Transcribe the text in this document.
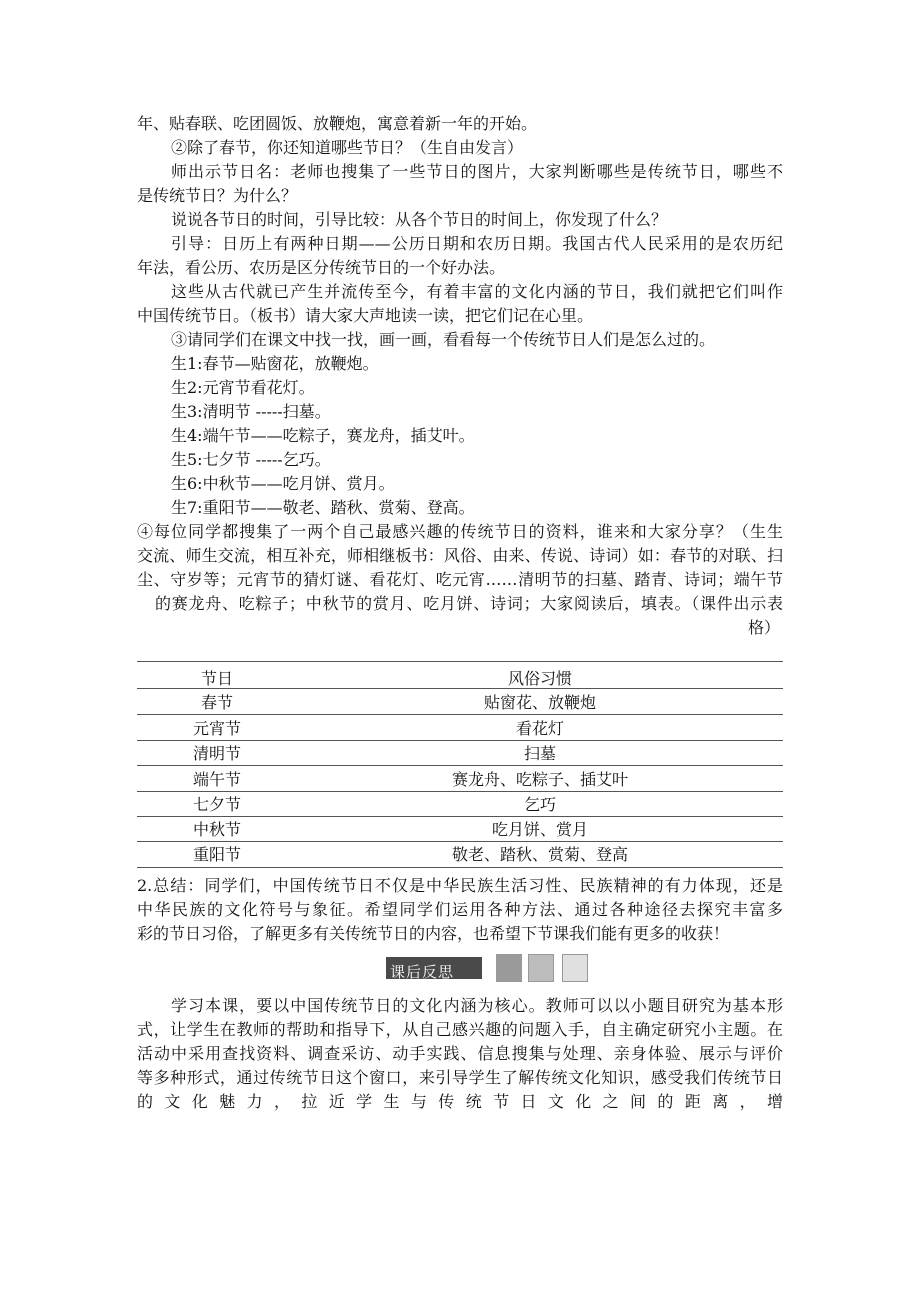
年、贴春联、吃团圆饭、放鞭炮，寓意着新一年的开始。
②除了春节，你还知道哪些节日？（生自由发言）
师出示节日名：老师也搜集了一些节日的图片，大家判断哪些是传统节日，哪些不
是传统节日？为什么？
说说各节日的时间，引导比较：从各个节日的时间上，你发现了什么？
引导：日历上有两种日期——公历日期和农历日期。我国古代人民采用的是农历纪
年法，看公历、农历是区分传统节日的一个好办法。
这些从古代就已产生并流传至今，有着丰富的文化内涵的节日，我们就把它们叫作
中国传统节日。（板书）请大家大声地读一读，把它们记在心里。
③请同学们在课文中找一找，画一画，看看每一个传统节日人们是怎么过的。
生1:春节—贴窗花，放鞭炮。
生2:元宵节看花灯。
生3:清明节 -----扫墓。
生4:端午节——吃粽子，赛龙舟，插艾叶。
生5:七夕节 -----乞巧。
生6:中秋节——吃月饼、赏月。
生7:重阳节——敬老、踏秋、赏菊、登高。
④每位同学都搜集了一两个自己最感兴趣的传统节日的资料，谁来和大家分享？（生生
交流、师生交流，相互补充，师相继板书：风俗、由来、传说、诗词）如：春节的对联、扫
尘、守岁等；元宵节的猜灯谜、看花灯、吃元宵……清明节的扫墓、踏青、诗词；端午节
的赛龙舟、吃粽子；中秋节的赏月、吃月饼、诗词；大家阅读后，填表。（课件出示表
格）
节日	风俗习惯
春节	贴窗花、放鞭炮
元宵节	看花灯
清明节	扫墓
端午节	赛龙舟、吃粽子、插艾叶
七夕节	乞巧
中秋节	吃月饼、赏月
重阳节	敬老、踏秋、赏菊、登高
2.总结：同学们，中国传统节日不仅是中华民族生活习性、民族精神的有力体现，还是
中华民族的文化符号与象征。希望同学们运用各种方法、通过各种途径去探究丰富多
彩的节日习俗，了解更多有关传统节日的内容，也希望下节课我们能有更多的收获！
课后反思
学习本课，要以中国传统节日的文化内涵为核心。教师可以以小题目研究为基本形
式，让学生在教师的帮助和指导下，从自己感兴趣的问题入手，自主确定研究小主题。在
活动中采用查找资料、调查采访、动手实践、信息搜集与处理、亲身体验、展示与评价
等多种形式，通过传统节日这个窗口，来引导学生了解传统文化知识，感受我们传统节日
的 文 化 魅 力 ， 拉 近 学 生 与 传 统 节 日 文 化 之 间 的 距 离 ， 增
